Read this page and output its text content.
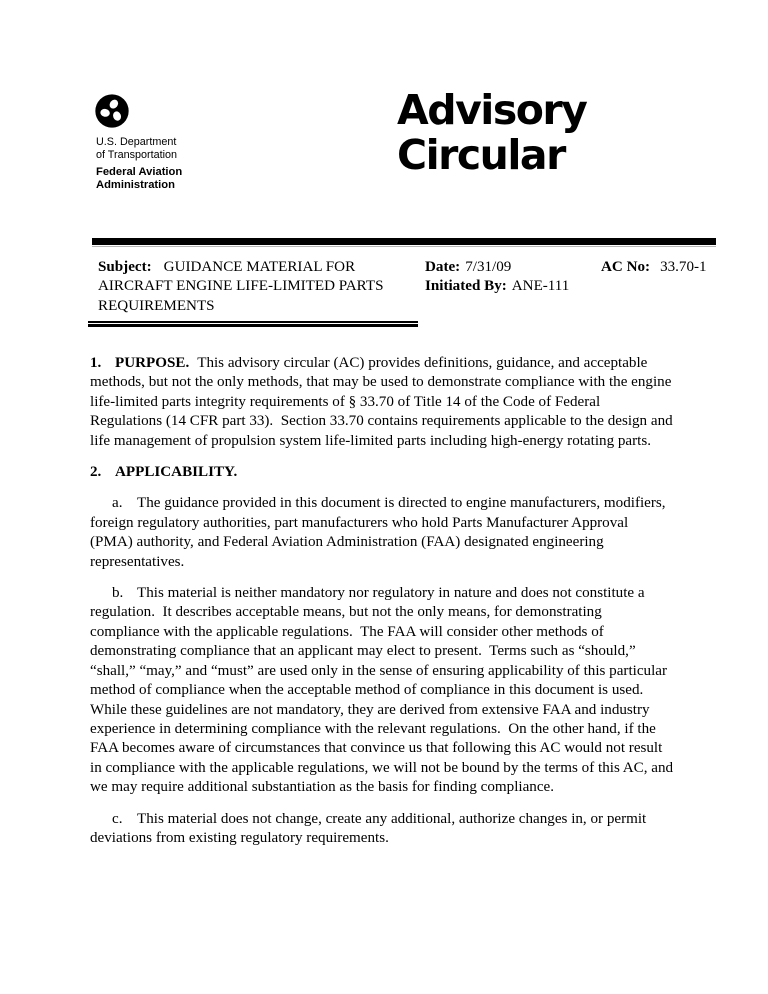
U.S. Department
of Transportation
Federal Aviation
Administration
Advisory
Circular
Subject: GUIDANCE MATERIAL FOR AIRCRAFT ENGINE LIFE-LIMITED PARTS REQUIREMENTS
Date: 7/31/09
Initiated By: ANE-111
AC No: 33.70-1

1. PURPOSE. This advisory circular (AC) provides definitions, guidance, and acceptable methods, but not the only methods, that may be used to demonstrate compliance with the engine life-limited parts integrity requirements of § 33.70 of Title 14 of the Code of Federal Regulations (14 CFR part 33).  Section 33.70 contains requirements applicable to the design and life management of propulsion system life-limited parts including high-energy rotating parts.

2. APPLICABILITY.

a. The guidance provided in this document is directed to engine manufacturers, modifiers, foreign regulatory authorities, part manufacturers who hold Parts Manufacturer Approval (PMA) authority, and Federal Aviation Administration (FAA) designated engineering representatives.

b. This material is neither mandatory nor regulatory in nature and does not constitute a regulation.  It describes acceptable means, but not the only means, for demonstrating compliance with the applicable regulations.  The FAA will consider other methods of demonstrating compliance that an applicant may elect to present.  Terms such as “should,” “shall,” “may,” and “must” are used only in the sense of ensuring applicability of this particular method of compliance when the acceptable method of compliance in this document is used.  While these guidelines are not mandatory, they are derived from extensive FAA and industry experience in determining compliance with the relevant regulations.  On the other hand, if the FAA becomes aware of circumstances that convince us that following this AC would not result in compliance with the applicable regulations, we will not be bound by the terms of this AC, and we may require additional substantiation as the basis for finding compliance.

c. This material does not change, create any additional, authorize changes in, or permit deviations from existing regulatory requirements.
